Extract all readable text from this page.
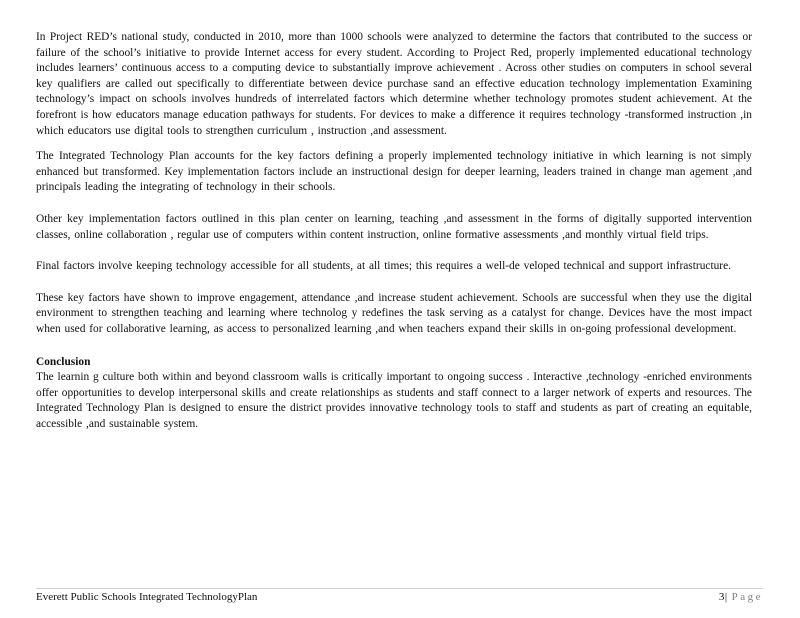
In Project RED’s national study, conducted in 2010, more than 1000 schools were analyzed to determine the factors that contributed to the success or failure of the school’s initiative to provide Internet access for every student. According to Project Red, properly implemented educational technology includes learners’ continuous access to a computing device to substantially improve achievement . Across other studies on computers in school several key qualifiers are called out specifically to differentiate between device purchase sand an effective education technology implementation Examining technology’s impact on schools involves hundreds of interrelated factors which determine whether technology promotes student achievement. At the forefront is how educators manage education pathways for students. For devices to make a difference it requires technology -transformed instruction ,in which educators use digital tools to strengthen curriculum , instruction ,and assessment.

The Integrated Technology Plan accounts for the key factors defining a properly implemented technology initiative in which learning is not simply enhanced but transformed. Key implementation factors include an instructional design for deeper learning, leaders trained in change man agement ,and principals leading the integrating of technology in their schools.

Other key implementation factors outlined in this plan center on learning, teaching ,and assessment in the forms of digitally supported intervention classes, online collaboration , regular use of computers within content instruction, online formative assessments ,and monthly virtual field trips.

Final factors involve keeping technology accessible for all students, at all times; this requires a well-de veloped technical and support infrastructure.

These key factors have shown to improve engagement, attendance ,and increase student achievement. Schools are successful when they use the digital environment to strengthen teaching and learning where technolog y redefines the task serving as a catalyst for change. Devices have the most impact when used for collaborative learning, as access to personalized learning ,and when teachers expand their skills in on-going professional development.

Conclusion

The learnin g culture both within and beyond classroom walls is critically important to ongoing success . Interactive ,technology -enriched environments offer opportunities to develop interpersonal skills and create relationships as students and staff connect to a larger network of experts and resources. The Integrated Technology Plan is designed to ensure the district provides innovative technology tools to staff and students as part of creating an equitable, accessible ,and sustainable system.

Everett Public Schools Integrated TechnologyPlan	3| Page
